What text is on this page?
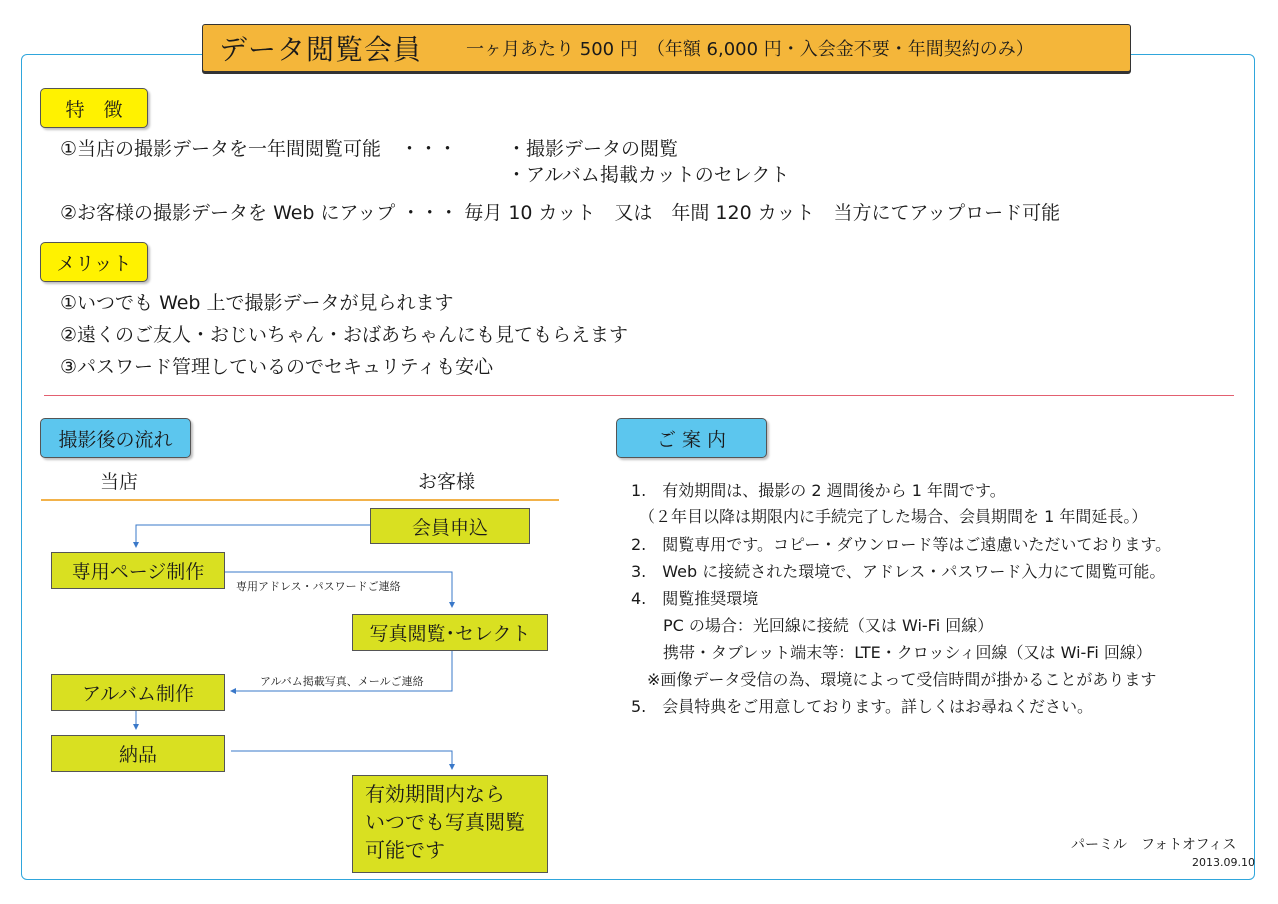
データ閲覧会員 一ヶ月あたり 500 円　（年額 6,000 円・入会金不要・年間契約のみ）
特　徴
①当店の撮影データを一年間閲覧可能　・・・	・撮影データの閲覧
・アルバム掲載カットのセレクト
②お客様の撮影データを Web にアップ ・・・ 毎月 10 カット　又は　年間 120 カット　当方にてアップロード可能
メリット
①いつでも Web 上で撮影データが見られます
②遠くのご友人・おじいちゃん・おばあちゃんにも見てもらえます
③パスワード管理しているのでセキュリティも安心
撮影後の流れ
当店	お客様
会員申込
専用ページ制作
専用アドレス・パスワードご連絡
写真閲覧･セレクト
アルバム掲載写真、メールご連絡
アルバム制作
納品
有効期間内なら
いつでも写真閲覧
可能です
ご 案 内
1.　有効期間は、撮影の 2 週間後から 1 年間です。
　（２年目以降は期限内に手続完了した場合、会員期間を 1 年間延長。）
2.　閲覧専用です。コピー・ダウンロード等はご遠慮いただいております。
3.　Web に接続された環境で、アドレス・パスワード入力にて閲覧可能。
4.　閲覧推奨環境
　　PC の場合：光回線に接続（又は Wi-Fi 回線）
　　携帯・タブレット端末等：LTE・クロッシィ回線（又は Wi-Fi 回線）
　※画像データ受信の為、環境によって受信時間が掛かることがあります
5.　会員特典をご用意しております。詳しくはお尋ねください。
パーミル　フォトオフィス
2013.09.10
